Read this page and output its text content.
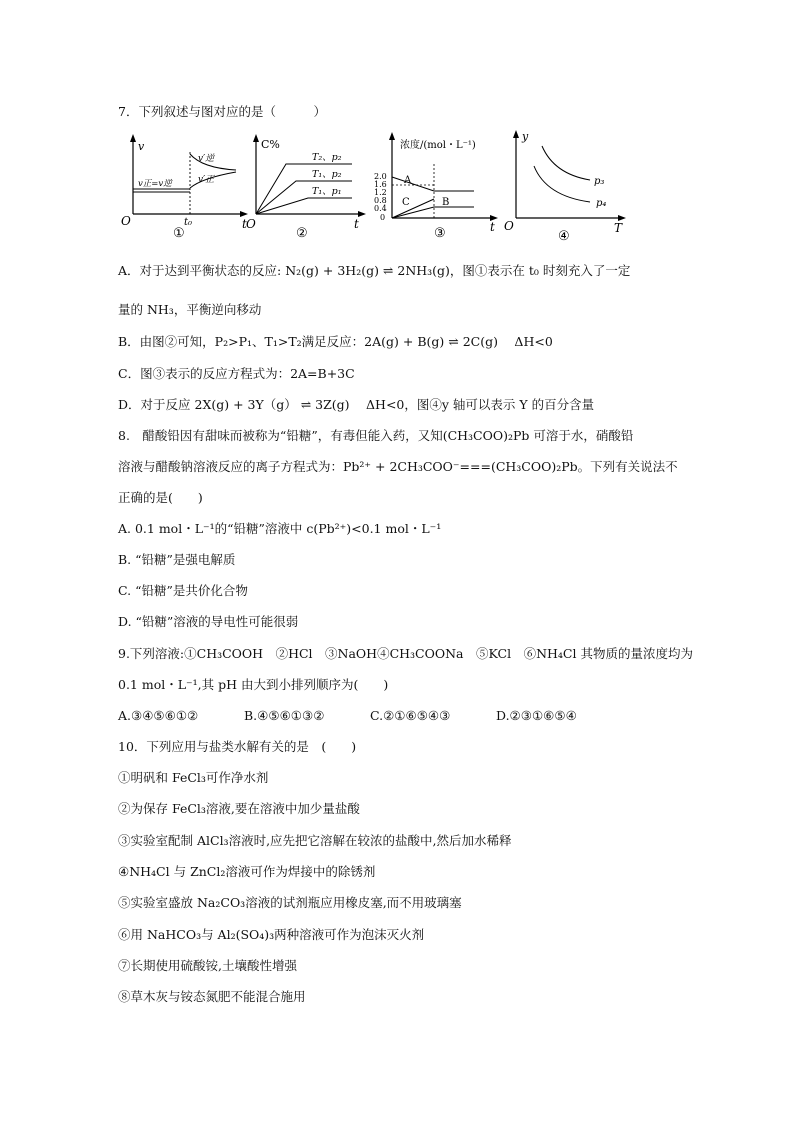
7．下列叙述与图对应的是（　　　）
v
t
O	t₀
v正=v逆
v′逆
v′正
①
C%
t
O
T₂、p₂
T₁、p₂
T₁、p₁
②
浓度/(mol・L⁻¹)
t
2.0
1.6
1.2
0.8
0.4
0
A
B
C
③
y
T
O
p₃
p₄
④
A．对于达到平衡状态的反应: N₂(g) + 3H₂(g) ⇌ 2NH₃(g)，图①表示在 t₀ 时刻充入了一定
量的 NH₃，平衡逆向移动
B．由图②可知，P₂>P₁、T₁>T₂满足反应：2A(g) + B(g) ⇌ 2C(g)　 ΔH<0
C．图③表示的反应方程式为：2A=B+3C
D．对于反应 2X(g) + 3Y（g） ⇌ 3Z(g)　 ΔH<0，图④y 轴可以表示 Y 的百分含量
8.　醋酸铅因有甜味而被称为“铅糖”，有毒但能入药，又知(CH₃COO)₂Pb 可溶于水，硝酸铅
溶液与醋酸钠溶液反应的离子方程式为：Pb²⁺ + 2CH₃COO⁻===(CH₃COO)₂Pb。下列有关说法不
正确的是(　　)
A. 0.1 mol・L⁻¹的“铅糖”溶液中 c(Pb²⁺)<0.1 mol・L⁻¹
B. “铅糖”是强电解质
C. “铅糖”是共价化合物
D. “铅糖”溶液的导电性可能很弱
9.下列溶液:①CH₃COOH　②HCl　③NaOH④CH₃COONa　⑤KCl　⑥NH₄Cl 其物质的量浓度均为
0.1 mol・L⁻¹,其 pH 由大到小排列顺序为(　　)
A.③④⑤⑥①②	B.④⑤⑥①③②	C.②①⑥⑤④③	D.②③①⑥⑤④
10．下列应用与盐类水解有关的是　(　　)
①明矾和 FeCl₃可作净水剂
②为保存 FeCl₃溶液,要在溶液中加少量盐酸
③实验室配制 AlCl₃溶液时,应先把它溶解在较浓的盐酸中,然后加水稀释
④NH₄Cl 与 ZnCl₂溶液可作为焊接中的除锈剂
⑤实验室盛放 Na₂CO₃溶液的试剂瓶应用橡皮塞,而不用玻璃塞
⑥用 NaHCO₃与 Al₂(SO₄)₃两种溶液可作为泡沫灭火剂
⑦长期使用硫酸铵,土壤酸性增强
⑧草木灰与铵态氮肥不能混合施用
